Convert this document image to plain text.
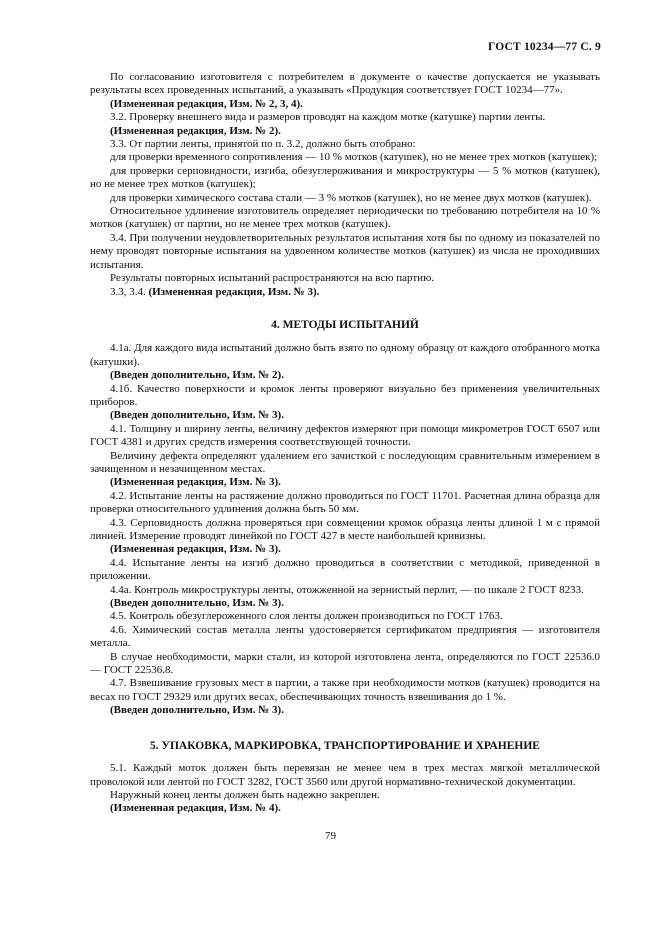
ГОСТ 10234—77 С. 9

По согласованию изготовителя с потребителем в документе о качестве допускается не указывать результаты всех проведенных испытаний, а указывать «Продукция соответствует ГОСТ 10234—77».

(Измененная редакция, Изм. № 2, 3, 4).

3.2. Проверку внешнего вида и размеров проводят на каждом мотке (катушке) партии ленты.

(Измененная редакция, Изм. № 2).

3.3. От партии ленты, принятой по п. 3.2, должно быть отобрано:

для проверки временного сопротивления — 10 % мотков (катушек), но не менее трех мотков (катушек);

для проверки серповидности, изгиба, обезуглероживания и микроструктуры — 5 % мотков (катушек), но не менее трех мотков (катушек);

для проверки химического состава стали — 3 % мотков (катушек), но не менее двух мотков (катушек).

Относительное удлинение изготовитель определяет периодически по требованию потребителя на 10 % мотков (катушек) от партии, но не менее трех мотков (катушек).

3.4. При получении неудовлетворительных результатов испытания хотя бы по одному из показателей по нему проводят повторные испытания на удвоенном количестве мотков (катушек) из числа не проходивших испытания.

Результаты повторных испытаний распространяются на всю партию.

3.3, 3.4. (Измененная редакция, Изм. № 3).

4. МЕТОДЫ ИСПЫТАНИЙ

4.1а. Для каждого вида испытаний должно быть взято по одному образцу от каждого отобранного мотка (катушки).

(Введен дополнительно, Изм. № 2).

4.1б. Качество поверхности и кромок ленты проверяют визуально без применения увеличительных приборов.

(Введен дополнительно, Изм. № 3).

4.1. Толщину и ширину ленты, величину дефектов измеряют при помощи микрометров ГОСТ 6507 или ГОСТ 4381 и других средств измерения соответствующей точности.

Величину дефекта определяют удалением его зачисткой с последующим сравнительным измерением в зачищенном и незачищенном местах.

(Измененная редакция, Изм. № 3).

4.2. Испытание ленты на растяжение должно проводиться по ГОСТ 11701. Расчетная длина образца для проверки относительного удлинения должна быть 50 мм.

4.3. Серповидность должна проверяться при совмещении кромок образца ленты длиной 1 м с прямой линией. Измерение проводят линейкой по ГОСТ 427 в месте наибольшей кривизны.

(Измененная редакция, Изм. № 3).

4.4. Испытание ленты на изгиб должно проводиться в соответствии с методикой, приведенной в приложении.

4.4а. Контроль микроструктуры ленты, отожженной на зернистый перлит, — по шкале 2 ГОСТ 8233.

(Введен дополнительно, Изм. № 3).

4.5. Контроль обезуглероженного слоя ленты должен производиться по ГОСТ 1763.

4.6. Химический состав металла ленты удостоверяется сертификатом предприятия — изготовителя металла.

В случае необходимости, марки стали, из которой изготовлена лента, определяются по ГОСТ 22536.0 — ГОСТ 22536.8.

4.7. Взвешивание грузовых мест в партии, а также при необходимости мотков (катушек) проводится на весах по ГОСТ 29329 или других весах, обеспечивающих точность взвешивания до 1 %.

(Введен дополнительно, Изм. № 3).

5. УПАКОВКА, МАРКИРОВКА, ТРАНСПОРТИРОВАНИЕ И ХРАНЕНИЕ

5.1. Каждый моток должен быть перевязан не менее чем в трех местах мягкой металлической проволокой или лентой по ГОСТ 3282, ГОСТ 3560 или другой нормативно-технической документации.

Наружный конец ленты должен быть надежно закреплен.

(Измененная редакция, Изм. № 4).

79
